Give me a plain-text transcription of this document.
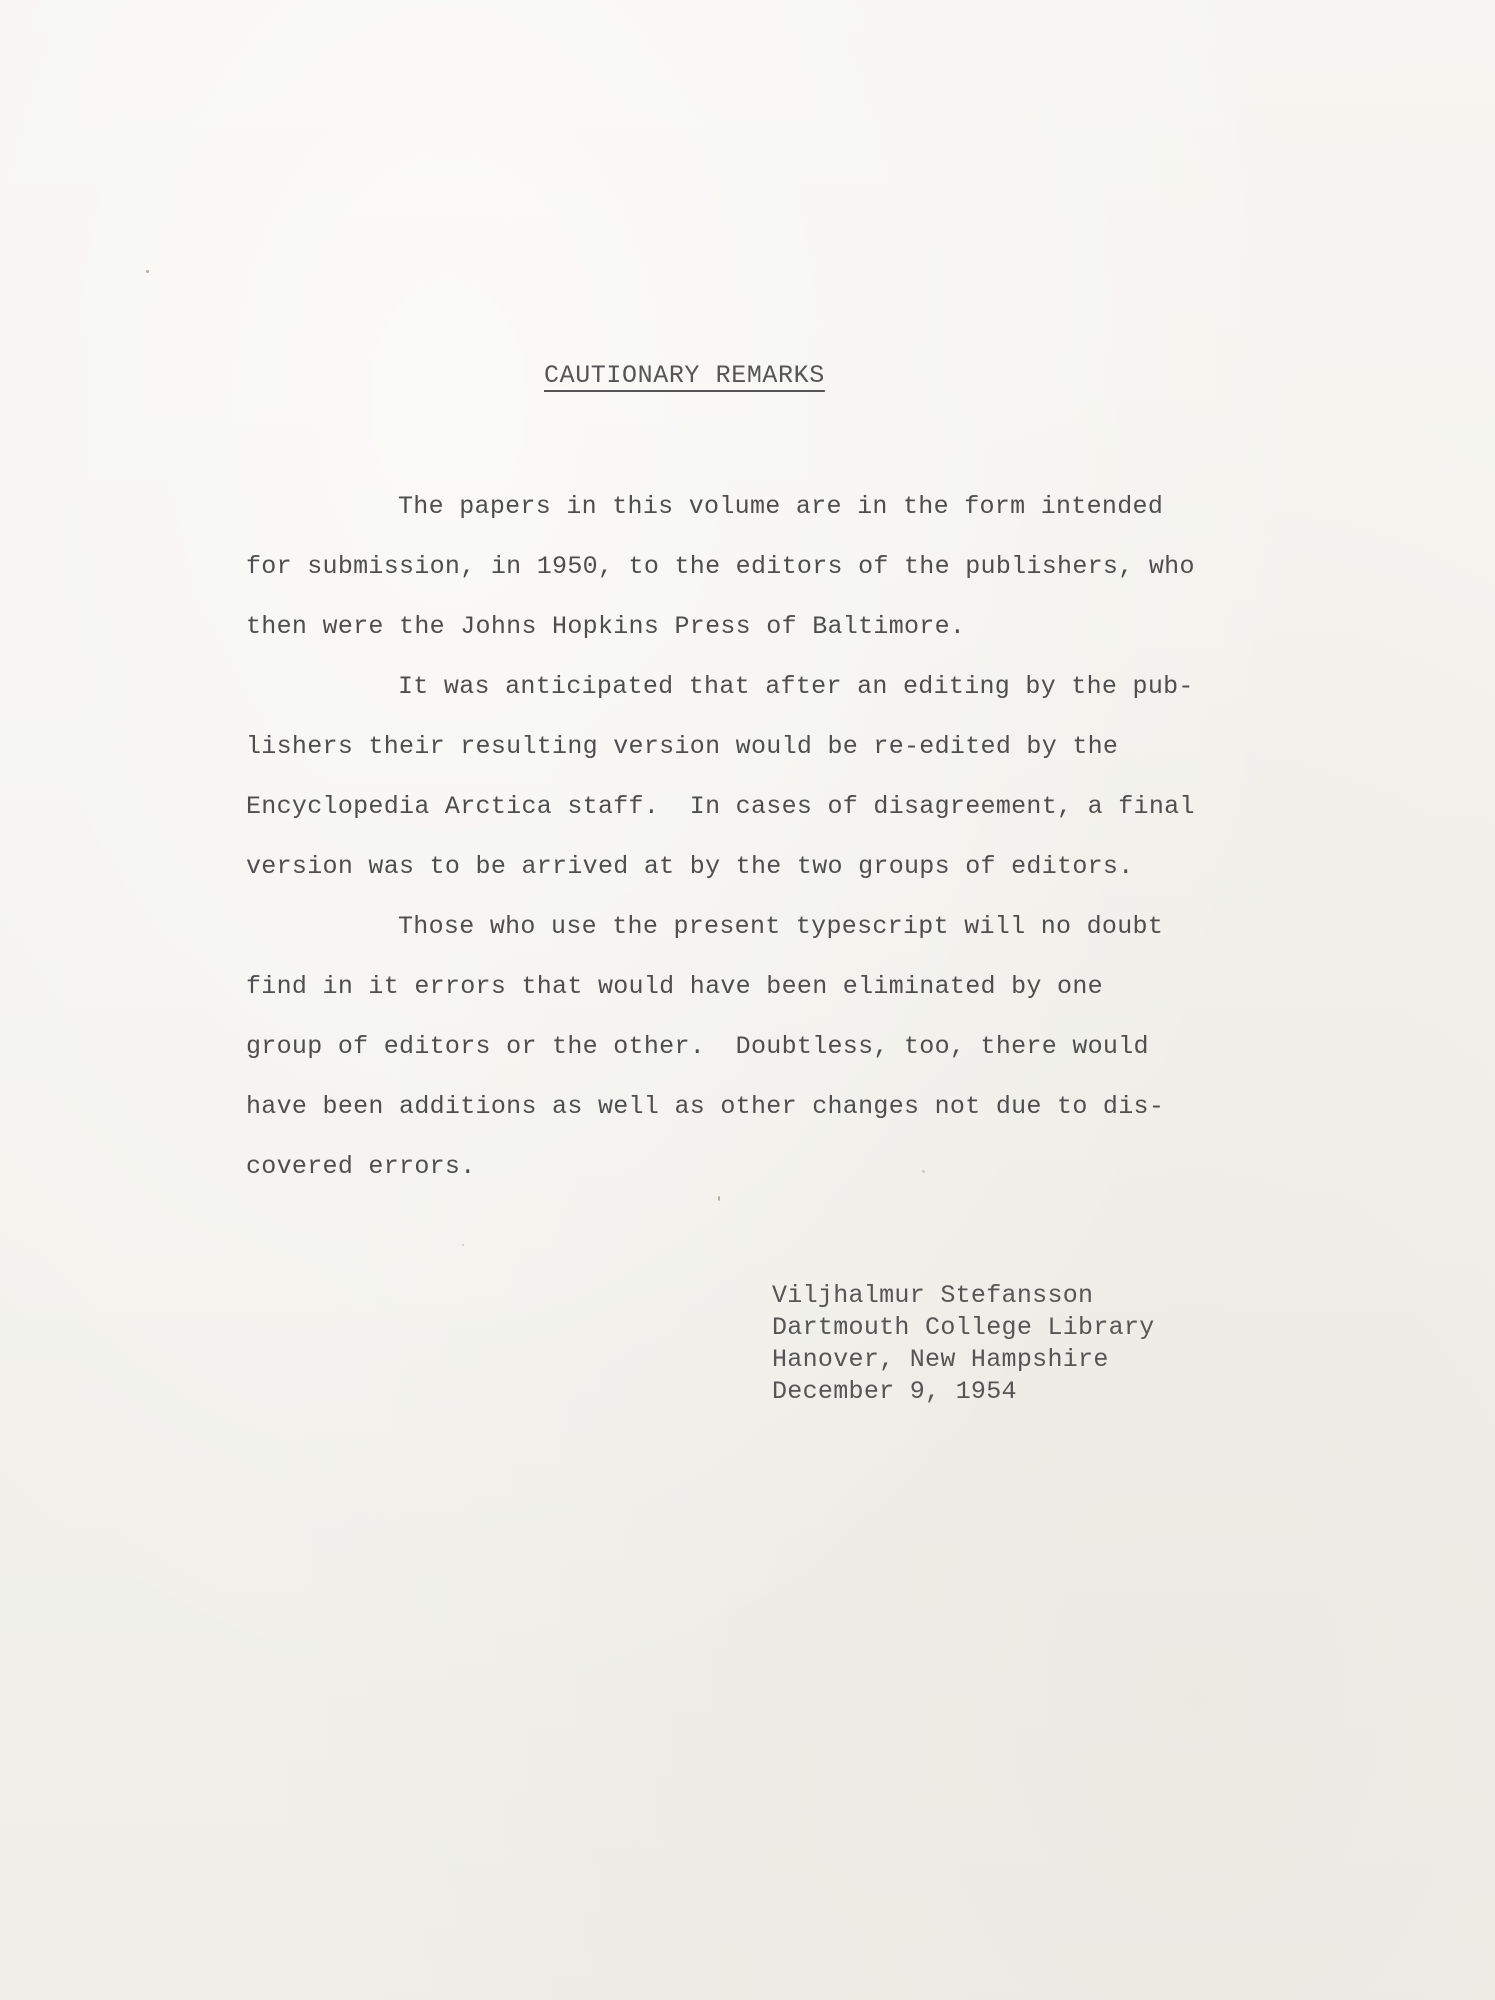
CAUTIONARY REMARKS

The papers in this volume are in the form intended
for submission, in 1950, to the editors of the publishers, who
then were the Johns Hopkins Press of Baltimore.

It was anticipated that after an editing by the pub-
lishers their resulting version would be re-edited by the
Encyclopedia Arctica staff.  In cases of disagreement, a final
version was to be arrived at by the two groups of editors.

Those who use the present typescript will no doubt
find in it errors that would have been eliminated by one
group of editors or the other.  Doubtless, too, there would
have been additions as well as other changes not due to dis-
covered errors.

Viljhalmur Stefansson
Dartmouth College Library
Hanover, New Hampshire
December 9, 1954
